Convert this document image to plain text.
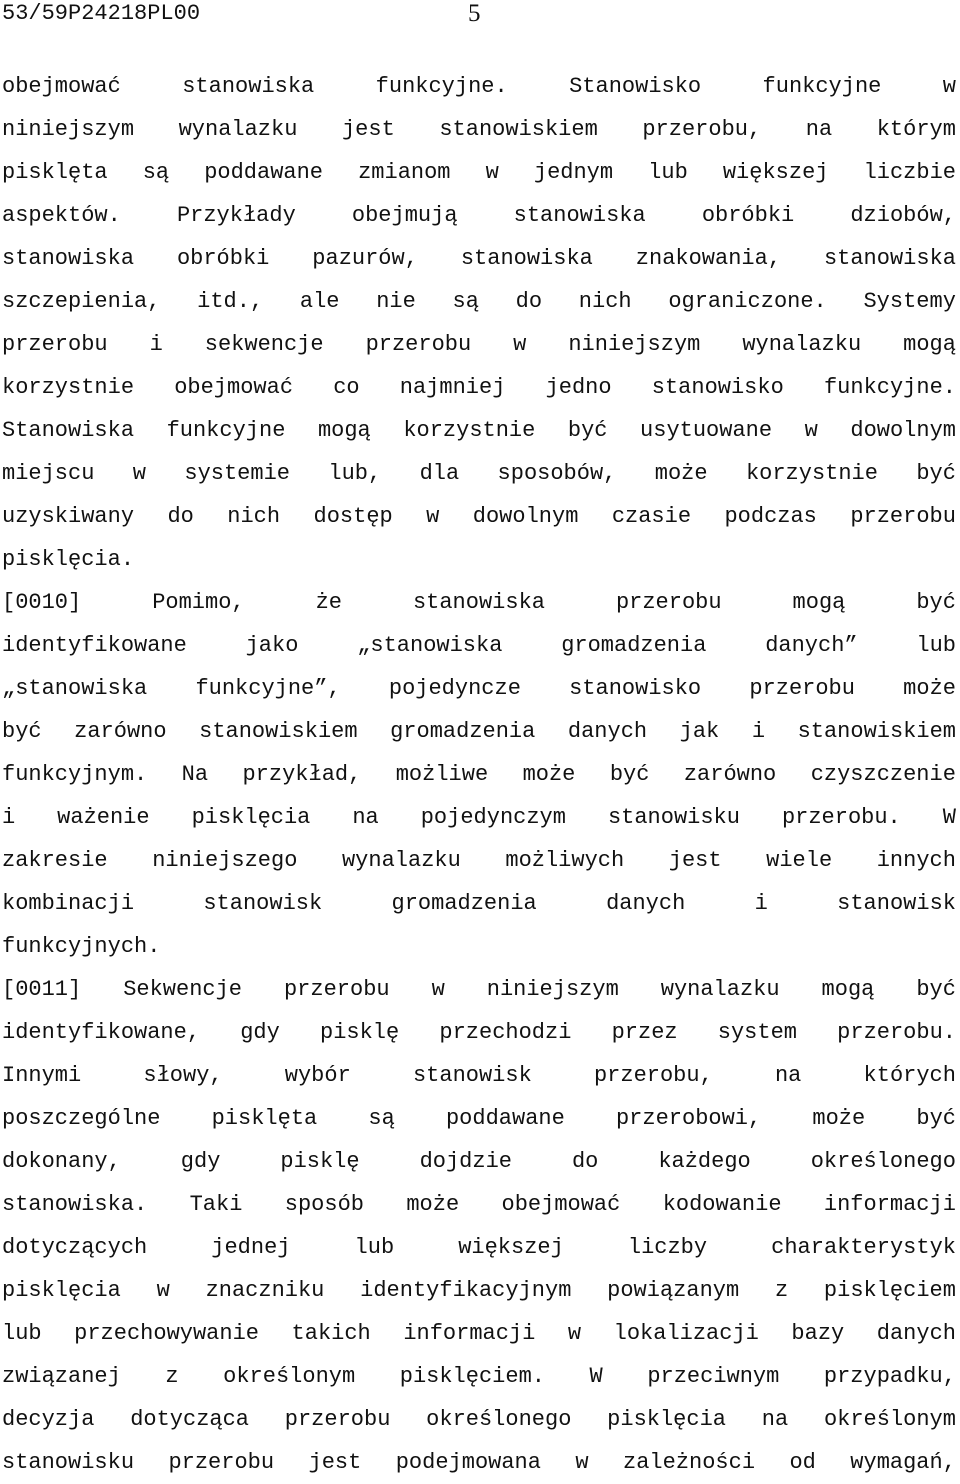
53/59P24218PL00	5
obejmować	stanowiska	funkcyjne.	Stanowisko	funkcyjne	w
niniejszym wynalazku jest stanowiskiem przerobu, na którym
pisklęta są poddawane zmianom w jednym lub większej liczbie
aspektów.	Przykłady	obejmują	stanowiska	obróbki	dziobów,
stanowiska obróbki pazurów, stanowiska znakowania, stanowiska
szczepienia, itd., ale nie są do nich ograniczone. Systemy
przerobu i sekwencje przerobu w niniejszym wynalazku mogą
korzystnie obejmować co najmniej jedno stanowisko funkcyjne.
Stanowiska funkcyjne mogą korzystnie być usytuowane w dowolnym
miejscu w systemie lub, dla sposobów, może korzystnie być
uzyskiwany do nich dostęp w dowolnym czasie podczas przerobu
pisklęcia.
[0010]	Pomimo,	że	stanowiska	przerobu	mogą	być
identyfikowane	jako	„stanowiska	gromadzenia	danych”	lub
„stanowiska funkcyjne”, pojedyncze stanowisko przerobu może
być zarówno stanowiskiem gromadzenia danych jak i stanowiskiem
funkcyjnym. Na przykład, możliwe może być zarówno czyszczenie
i ważenie pisklęcia na pojedynczym stanowisku przerobu. W
zakresie niniejszego wynalazku możliwych jest wiele innych
kombinacji	stanowisk	gromadzenia	danych	i	stanowisk
funkcyjnych.
[0011] Sekwencje przerobu w niniejszym wynalazku mogą być
identyfikowane, gdy pisklę przechodzi przez system przerobu.
Innymi	słowy,	wybór	stanowisk	przerobu,	na	których
poszczególne pisklęta są poddawane przerobowi, może być
dokonany,	gdy	pisklę	dojdzie	do	każdego	określonego
stanowiska. Taki sposób może obejmować kodowanie informacji
dotyczących	jednej	lub	większej	liczby	charakterystyk
pisklęcia w znaczniku identyfikacyjnym powiązanym z pisklęciem
lub przechowywanie takich informacji w lokalizacji bazy danych
związanej z określonym pisklęciem. W przeciwnym przypadku,
decyzja dotycząca przerobu określonego pisklęcia na określonym
stanowisku przerobu jest podejmowana w zależności od wymagań,
